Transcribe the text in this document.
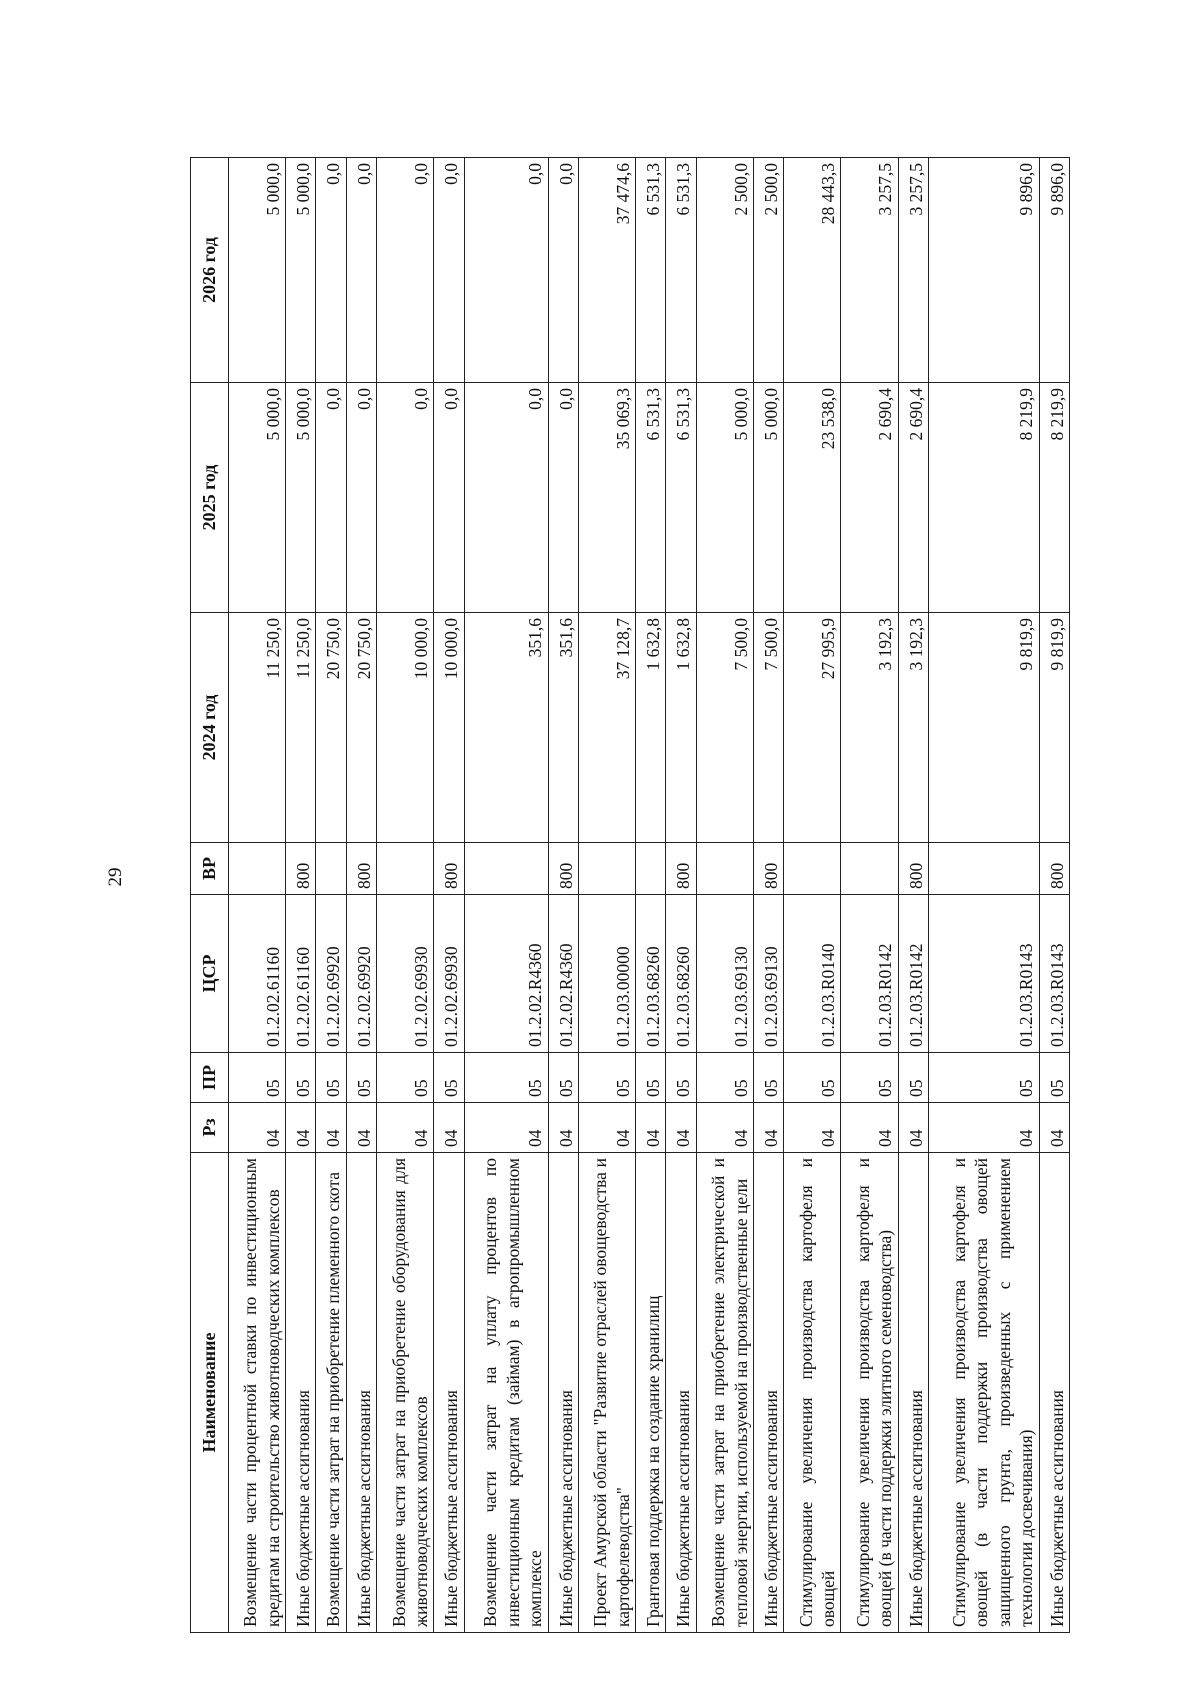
29
Наименование	Рз	ПР	ЦСР	ВР	2024 год	2025 год	2026 год
Возмещение части процентной ставки по инвестиционным кредитам на строительство животноводческих комплексов	04	05	01.2.02.61160		11 250,0	5 000,0	5 000,0
Иные бюджетные ассигнования	04	05	01.2.02.61160	800	11 250,0	5 000,0	5 000,0
Возмещение части затрат на приобретение племенного скота	04	05	01.2.02.69920		20 750,0	0,0	0,0
Иные бюджетные ассигнования	04	05	01.2.02.69920	800	20 750,0	0,0	0,0
Возмещение части затрат на приобретение оборудования для животноводческих комплексов	04	05	01.2.02.69930		10 000,0	0,0	0,0
Иные бюджетные ассигнования	04	05	01.2.02.69930	800	10 000,0	0,0	0,0
Возмещение части затрат на уплату процентов по инвестиционным кредитам (займам) в агропромышленном комплексе	04	05	01.2.02.R4360		351,6	0,0	0,0
Иные бюджетные ассигнования	04	05	01.2.02.R4360	800	351,6	0,0	0,0
Проект Амурской области "Развитие отраслей овощеводства и картофелеводства"	04	05	01.2.03.00000		37 128,7	35 069,3	37 474,6
Грантовая поддержка на создание хранилищ	04	05	01.2.03.68260		1 632,8	6 531,3	6 531,3
Иные бюджетные ассигнования	04	05	01.2.03.68260	800	1 632,8	6 531,3	6 531,3
Возмещение части затрат на приобретение электрической и тепловой энергии, используемой на производственные цели	04	05	01.2.03.69130		7 500,0	5 000,0	2 500,0
Иные бюджетные ассигнования	04	05	01.2.03.69130	800	7 500,0	5 000,0	2 500,0
Стимулирование увеличения производства картофеля и овощей	04	05	01.2.03.R0140		27 995,9	23 538,0	28 443,3
Стимулирование увеличения производства картофеля и овощей (в части поддержки элитного семеноводства)	04	05	01.2.03.R0142		3 192,3	2 690,4	3 257,5
Иные бюджетные ассигнования	04	05	01.2.03.R0142	800	3 192,3	2 690,4	3 257,5
Стимулирование увеличения производства картофеля и овощей (в части поддержки производства овощей защищенного грунта, произведенных с применением технологии досвечивания)	04	05	01.2.03.R0143		9 819,9	8 219,9	9 896,0
Иные бюджетные ассигнования	04	05	01.2.03.R0143	800	9 819,9	8 219,9	9 896,0
